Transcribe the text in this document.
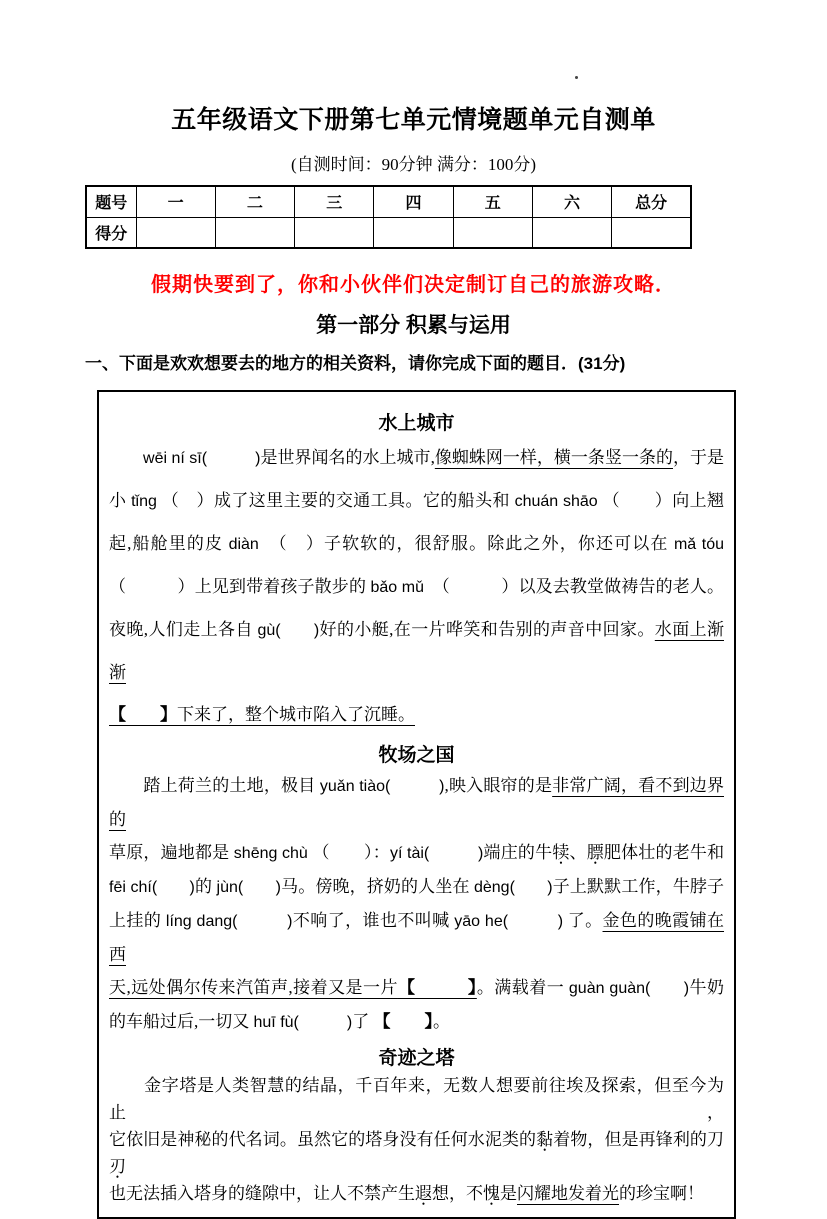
五年级语文下册第七单元情境题单元自测单
(自测时间：90分钟 满分：100分)
题号	一	二	三	四	五	六	总分
得分							
假期快要到了，你和小伙伴们决定制订自己的旅游攻略．
第一部分 积累与运用
一、下面是欢欢想要去的地方的相关资料，请你完成下面的题目．(31分)
水上城市
　　wēi ní sī(　　　)是世界闻名的水上城市,像蜘蛛网一样，横一条竖一条的，于是
小 tǐng （　）成了这里主要的交通工具。它的船头和 chuán shāo （　　）向上翘
起,船舱里的皮 diàn　（　）子软软的，很舒服。除此之外，你还可以在 mǎ tóu
（　　　）上见到带着孩子散步的 bǎo mǔ　（　　　）以及去教堂做祷告的老人。
夜晚,人们走上各自 gù(　　)好的小艇,在一片哗笑和告别的声音中回家。水面上渐渐
【　　】下来了，整个城市陷入了沉睡。
牧场之国
　　踏上荷兰的土地，极目 yuǎn tiào(　　　),映入眼帘的是非常广阔，看不到边界的
草原，遍地都是 shēng chù （　　）：yí tài(　　　)端庄的牛犊、膘肥体壮的老牛和
fēi chí(　　)的 jùn(　　)马。傍晚，挤奶的人坐在 dèng(　　)子上默默工作，牛脖子
上挂的 líng dang(　　　)不响了，谁也不叫喊 yāo he(　　　) 了。金色的晚霞铺在西
天,远处偶尔传来汽笛声,接着又是一片【　　　】。满载着一 guàn guàn(　　)牛奶
的车船过后,一切又 huī fù(　　　)了 【　　】。
奇迹之塔
　　金字塔是人类智慧的结晶，千百年来，无数人想要前往埃及探索，但至今为止，
它依旧是神秘的代名词。虽然它的塔身没有任何水泥类的黏着物，但是再锋利的刀刃
也无法插入塔身的缝隙中，让人不禁产生遐想，不愧是闪耀地发着光的珍宝啊！
